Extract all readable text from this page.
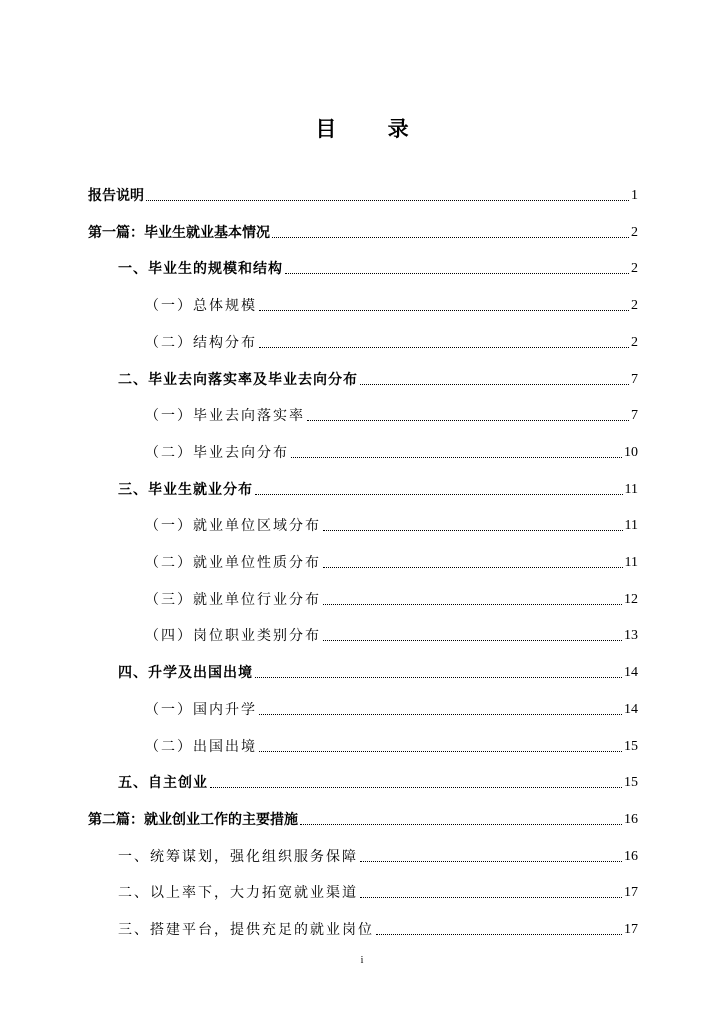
目 录
报告说明	1
第一篇：毕业生就业基本情况	2
一、毕业生的规模和结构	2
（一）总体规模	2
（二）结构分布	2
二、毕业去向落实率及毕业去向分布	7
（一）毕业去向落实率	7
（二）毕业去向分布	10
三、毕业生就业分布	11
（一）就业单位区域分布	11
（二）就业单位性质分布	11
（三）就业单位行业分布	12
（四）岗位职业类别分布	13
四、升学及出国出境	14
（一）国内升学	14
（二）出国出境	15
五、自主创业	15
第二篇：就业创业工作的主要措施	16
一、统筹谋划，强化组织服务保障	16
二、以上率下，大力拓宽就业渠道	17
三、搭建平台，提供充足的就业岗位	17
i
